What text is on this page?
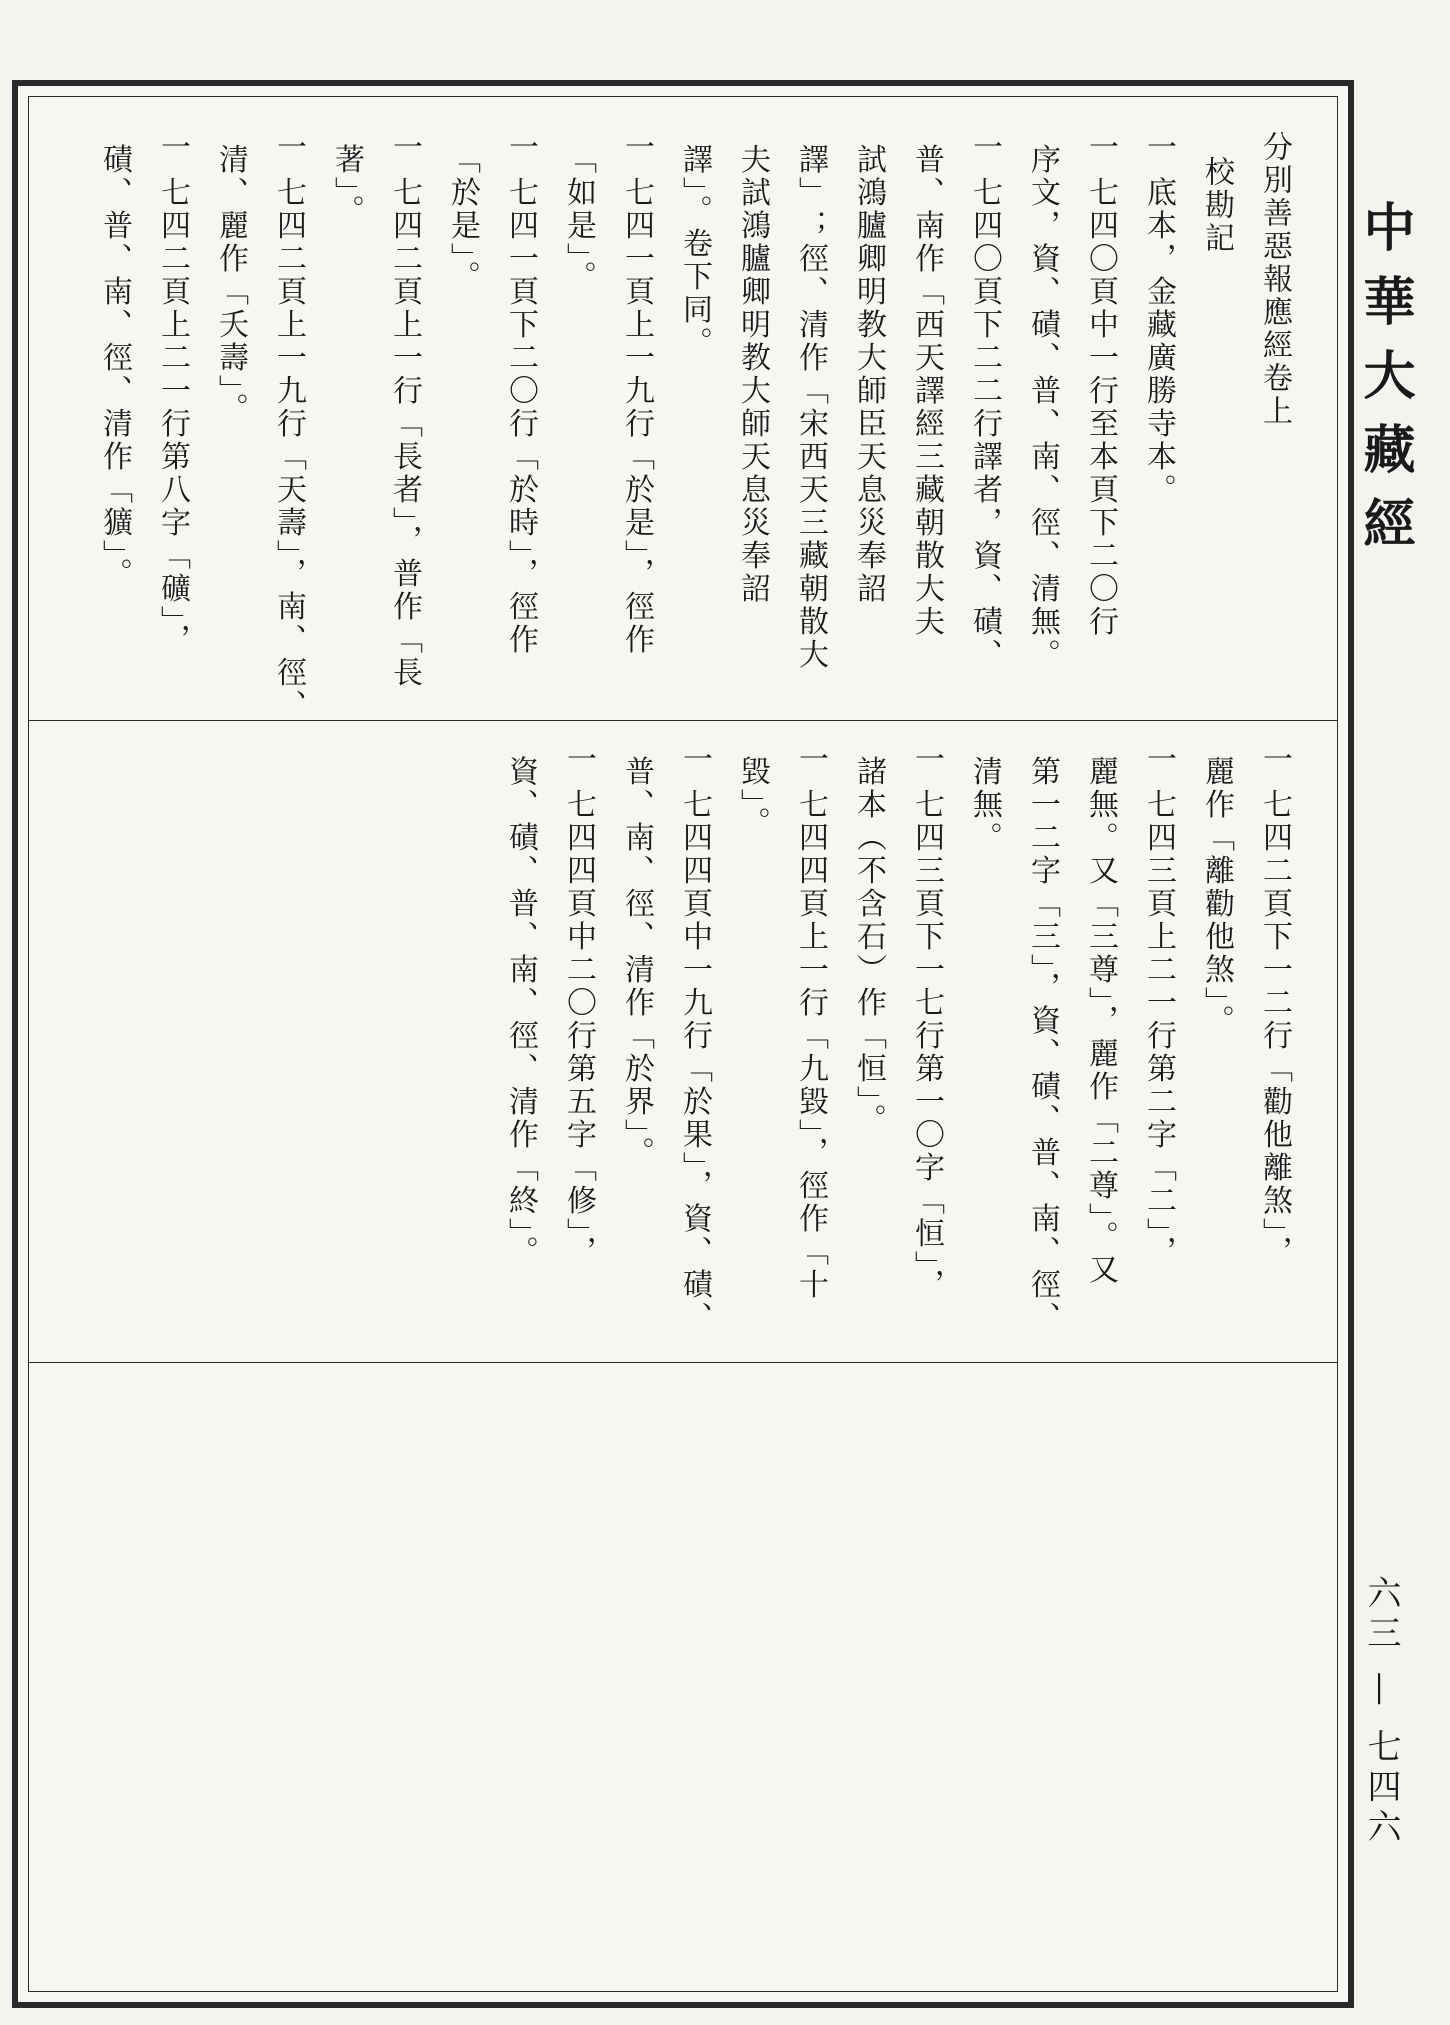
分別善惡報應經卷上
校勘記
一 底本，金藏廣勝寺本。
一 七四〇頁中一行至本頁下二〇行
序文，資、磧、普、南、徑、清無。
一 七四〇頁下二二行譯者，資、磧、
普、南作「西天譯經三藏朝散大夫
試鴻臚卿明教大師臣天息災奉詔
譯」；徑、清作「宋西天三藏朝散大
夫試鴻臚卿明教大師天息災奉詔
譯」。卷下同。
一 七四一頁上一九行「於是」，徑作
「如是」。
一 七四一頁下二〇行「於時」，徑作
「於是」。
一 七四二頁上一行「長者」，普作「長
著」。
一 七四二頁上一九行「天壽」，南、徑、
清、麗作「夭壽」。
一 七四二頁上二一行第八字「礦」，
磧、普、南、徑、清作「獷」。
一 七四二頁下一二行「勸他離煞」，
麗作「離勸他煞」。
一 七四三頁上二一行第二字「二」，
麗無。又「三尊」，麗作「二尊」。又
第一二字「三」，資、磧、普、南、徑、
清無。
一 七四三頁下一七行第一〇字「恒」，
諸本（不含石）作「恒」。
一 七四四頁上一行「九毀」，徑作「十
毀」。
一 七四四頁中一九行「於果」，資、磧、
普、南、徑、清作「於界」。
一 七四四頁中二〇行第五字「修」，
資、磧、普、南、徑、清作「終」。
中華大藏經
六三 — 七四六
